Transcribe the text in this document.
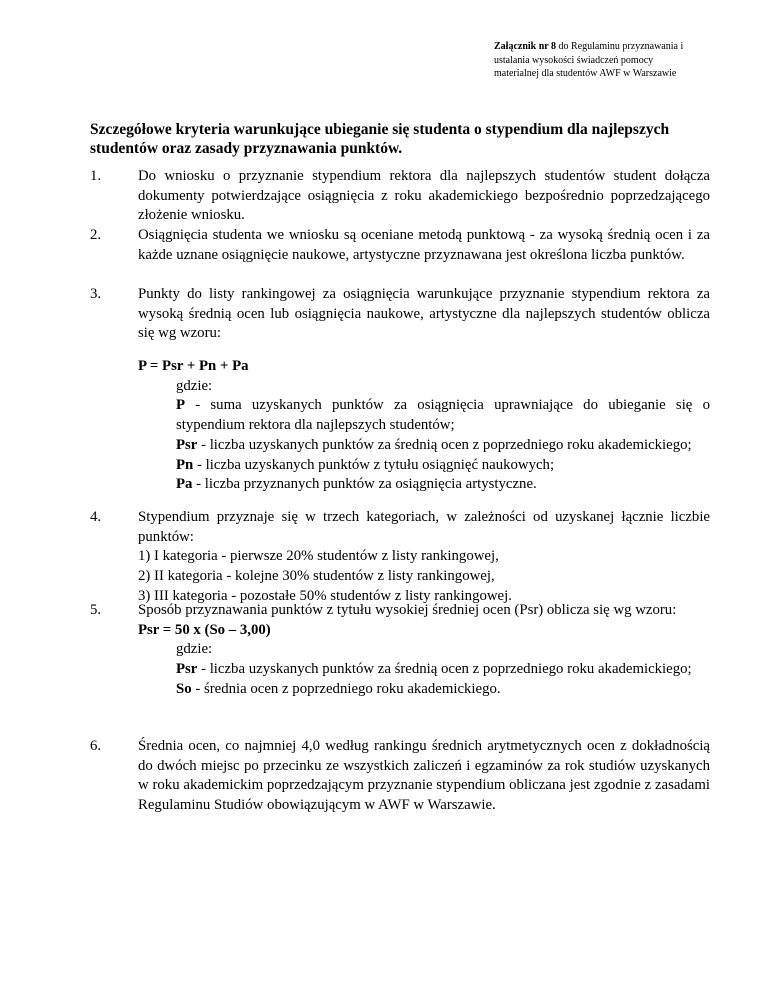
Załącznik nr 8 do Regulaminu przyznawania i
ustalania wysokości świadczeń pomocy
materialnej dla studentów AWF w Warszawie
Szczegółowe kryteria warunkujące ubieganie się studenta o stypendium dla najlepszych studentów oraz zasady przyznawania punktów.
1.	Do wniosku o przyznanie stypendium rektora dla najlepszych studentów student dołącza dokumenty potwierdzające osiągnięcia z roku akademickiego bezpośrednio poprzedzającego złożenie wniosku.
2.	Osiągnięcia studenta we wniosku są oceniane metodą punktową - za wysoką średnią ocen i za każde uznane osiągnięcie naukowe, artystyczne przyznawana jest określona liczba punktów.
3.	Punkty do listy rankingowej za osiągnięcia warunkujące przyznanie stypendium rektora za wysoką średnią ocen lub osiągnięcia naukowe, artystyczne dla najlepszych studentów oblicza się wg wzoru:
P = Psr + Pn + Pa

gdzie:

P - suma uzyskanych punktów za osiągnięcia uprawniające do ubieganie się o stypendium rektora dla najlepszych studentów;

Psr - liczba uzyskanych punktów za średnią ocen z poprzedniego roku akademickiego;

Pn - liczba uzyskanych punktów z tytułu osiągnięć naukowych;

Pa - liczba przyznanych punktów za osiągnięcia artystyczne.

4.	Stypendium przyznaje się w trzech kategoriach, w zależności od uzyskanej łącznie liczbie punktów:
1) I kategoria - pierwsze 20% studentów z listy rankingowej,
2) II kategoria - kolejne 30% studentów z listy rankingowej,
3) III kategoria - pozostałe 50% studentów z listy rankingowej.
5.	Sposób przyznawania punktów z tytułu wysokiej średniej ocen (Psr) oblicza się wg wzoru:
Psr = 50 x (So – 3,00)

gdzie:

Psr - liczba uzyskanych punktów za średnią ocen z poprzedniego roku akademickiego;

So - średnia ocen z poprzedniego roku akademickiego.

6.	Średnia ocen, co najmniej 4,0 według rankingu średnich arytmetycznych ocen z dokładnością do dwóch miejsc po przecinku ze wszystkich zaliczeń i egzaminów za rok studiów uzyskanych w roku akademickim poprzedzającym przyznanie stypendium obliczana jest zgodnie z zasadami Regulaminu Studiów obowiązującym w AWF w Warszawie.
